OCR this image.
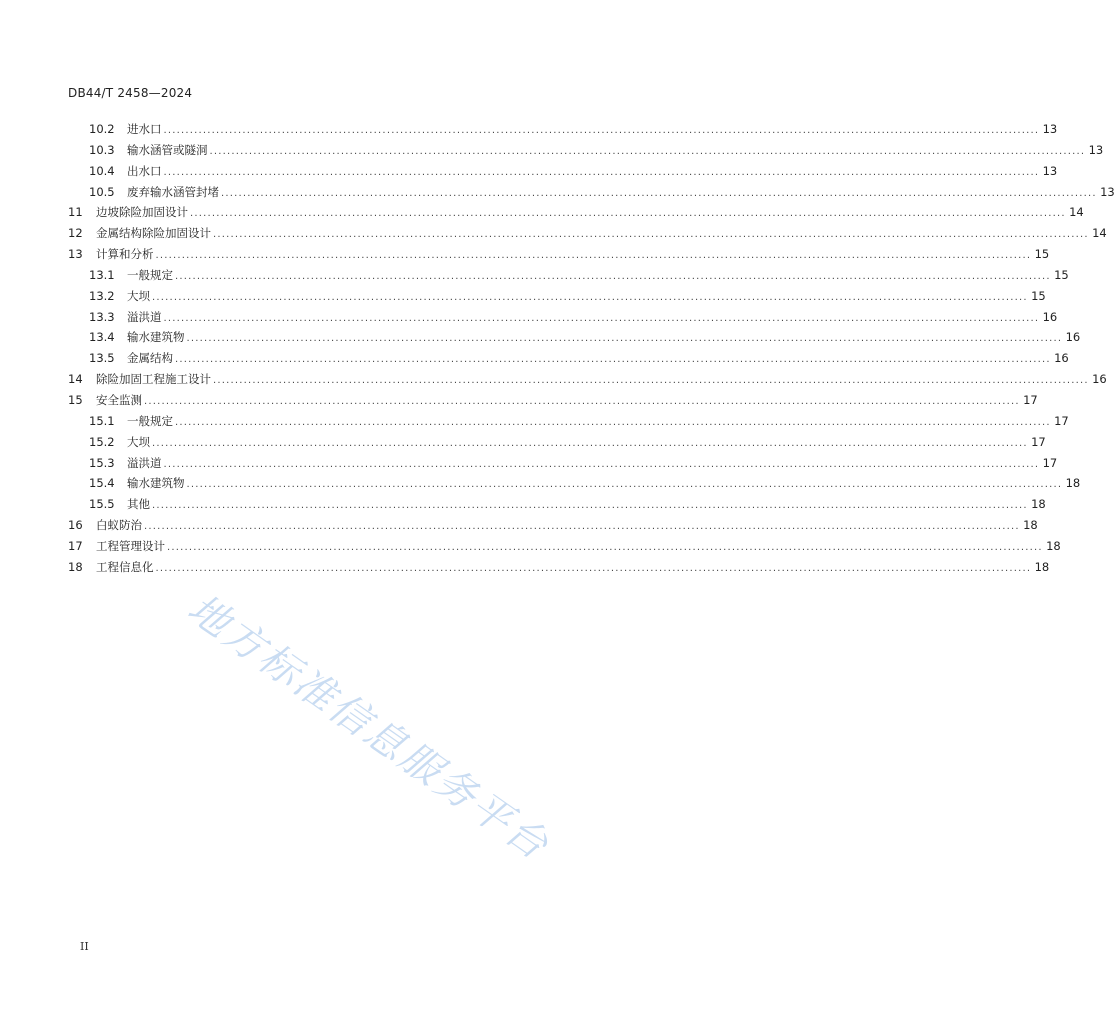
DB44/T 2458—2024
10.2	进水口 ........................................................................................................................................................................................................ 13
10.3	输水涵管或隧洞 ........................................................................................................................................................................................................ 13
10.4	出水口 ........................................................................................................................................................................................................ 13
10.5	废弃输水涵管封堵 ........................................................................................................................................................................................................ 13
11	边坡除险加固设计 ........................................................................................................................................................................................................ 14
12	金属结构除险加固设计 ........................................................................................................................................................................................................ 14
13	计算和分析 ........................................................................................................................................................................................................ 15
13.1	一般规定 ........................................................................................................................................................................................................ 15
13.2	大坝 ........................................................................................................................................................................................................ 15
13.3	溢洪道 ........................................................................................................................................................................................................ 16
13.4	输水建筑物 ........................................................................................................................................................................................................ 16
13.5	金属结构 ........................................................................................................................................................................................................ 16
14	除险加固工程施工设计 ........................................................................................................................................................................................................ 16
15	安全监测 ........................................................................................................................................................................................................ 17
15.1	一般规定 ........................................................................................................................................................................................................ 17
15.2	大坝 ........................................................................................................................................................................................................ 17
15.3	溢洪道 ........................................................................................................................................................................................................ 17
15.4	输水建筑物 ........................................................................................................................................................................................................ 18
15.5	其他 ........................................................................................................................................................................................................ 18
16	白蚁防治 ........................................................................................................................................................................................................ 18
17	工程管理设计 ........................................................................................................................................................................................................ 18
18	工程信息化 ........................................................................................................................................................................................................ 18
地方标准信息服务平台
II
